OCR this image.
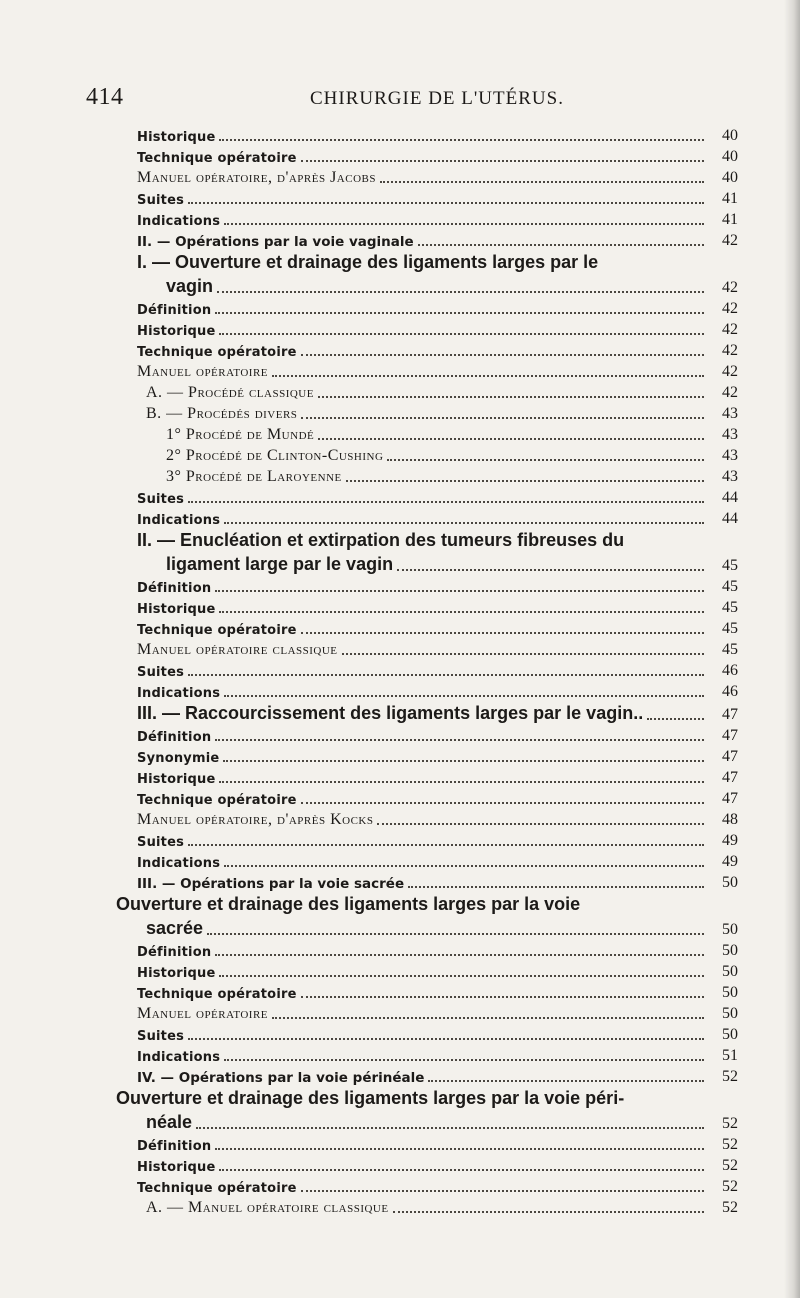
414	CHIRURGIE DE L'UTÉRUS.
Historique	40
Technique opératoire	40
Manuel opératoire, d'après Jacobs	40
Suites	41
Indications	41
II. — Opérations par la voie vaginale	42
I. — Ouverture et drainage des ligaments larges par le
vagin	42
Définition	42
Historique	42
Technique opératoire	42
Manuel opératoire	42
A. — Procédé classique	42
B. — Procédés divers	43
1° Procédé de Mundé	43
2° Procédé de Clinton-Cushing	43
3° Procédé de Laroyenne	43
Suites	44
Indications	44
II. — Enucléation et extirpation des tumeurs fibreuses du
ligament large par le vagin	45
Définition	45
Historique	45
Technique opératoire	45
Manuel opératoire classique	45
Suites	46
Indications	46
III. — Raccourcissement des ligaments larges par le vagin..	47
Définition	47
Synonymie	47
Historique	47
Technique opératoire	47
Manuel opératoire, d'après Kocks	48
Suites	49
Indications	49
III. — Opérations par la voie sacrée	50
Ouverture et drainage des ligaments larges par la voie
sacrée	50
Définition	50
Historique	50
Technique opératoire	50
Manuel opératoire	50
Suites	50
Indications	51
IV. — Opérations par la voie périnéale	52
Ouverture et drainage des ligaments larges par la voie péri-
néale	52
Définition	52
Historique	52
Technique opératoire	52
A. — Manuel opératoire classique	52
